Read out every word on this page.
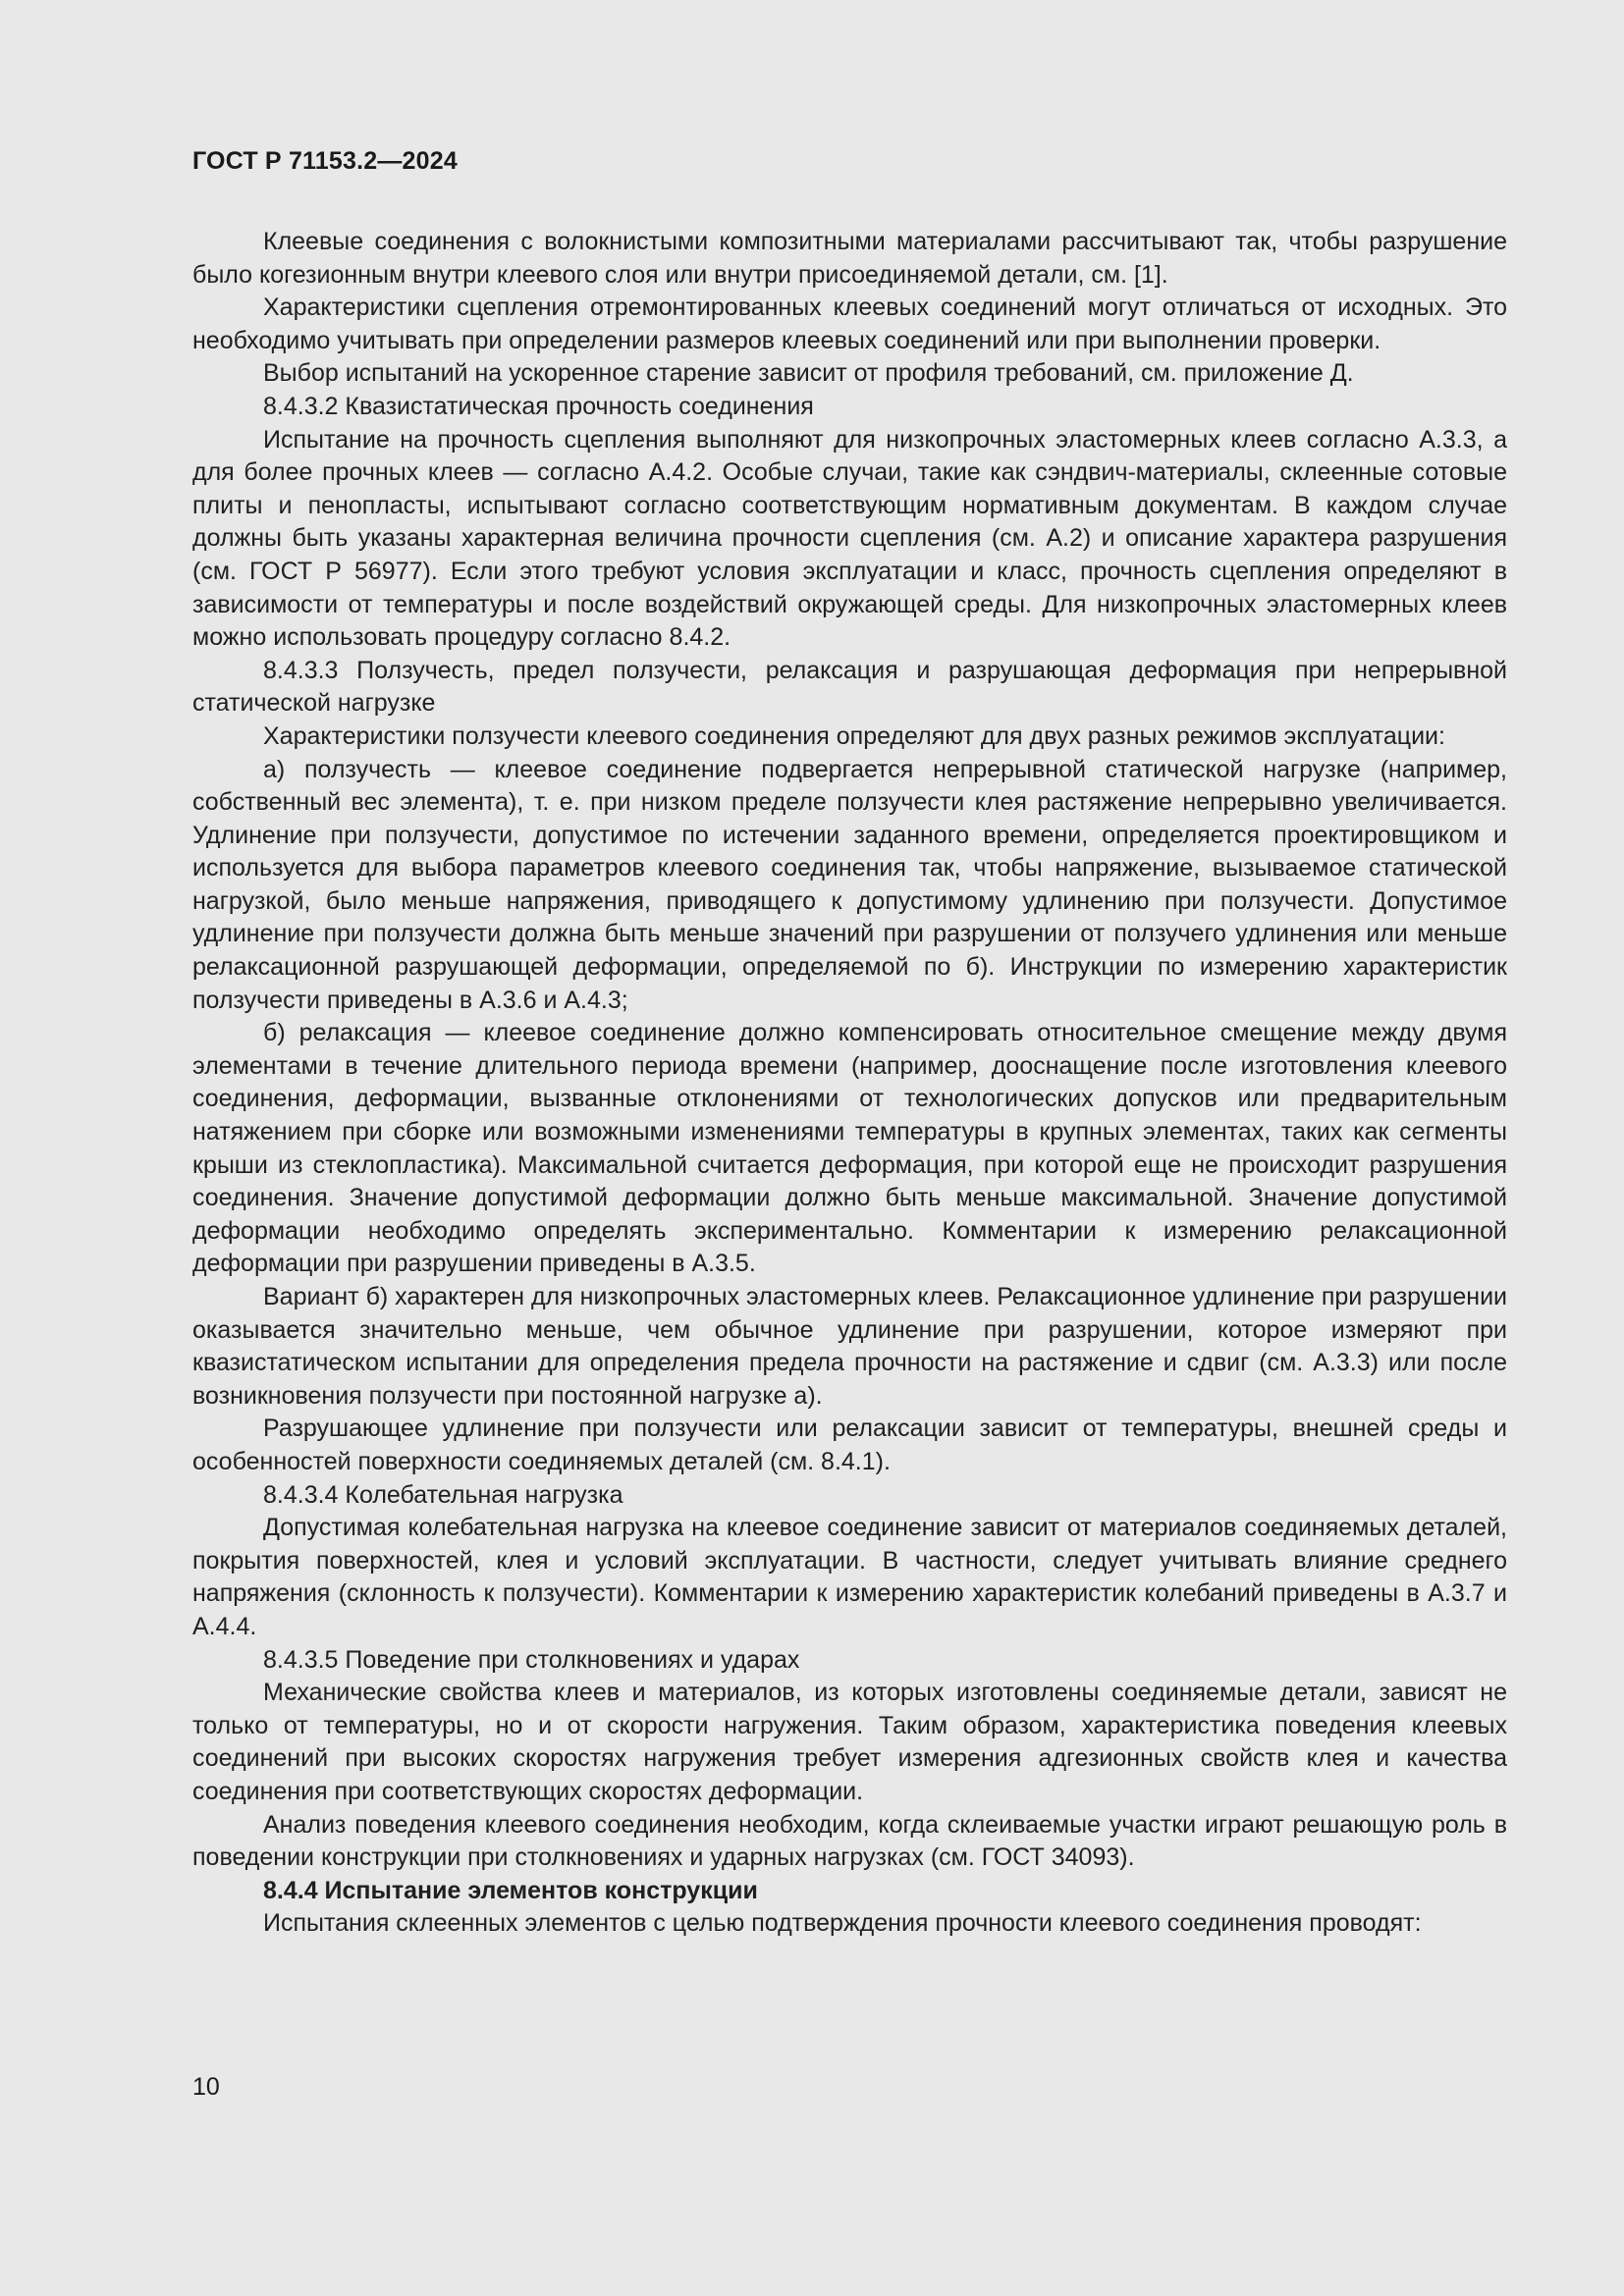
ГОСТ Р 71153.2—2024

Клеевые соединения с волокнистыми композитными материалами рассчитывают так, чтобы разрушение было когезионным внутри клеевого слоя или внутри присоединяемой детали, см. [1].

Характеристики сцепления отремонтированных клеевых соединений могут отличаться от исходных. Это необходимо учитывать при определении размеров клеевых соединений или при выполнении проверки.

Выбор испытаний на ускоренное старение зависит от профиля требований, см. приложение Д.

8.4.3.2 Квазистатическая прочность соединения

Испытание на прочность сцепления выполняют для низкопрочных эластомерных клеев согласно А.3.3, а для более прочных клеев — согласно А.4.2. Особые случаи, такие как сэндвич-материалы, склеенные сотовые плиты и пенопласты, испытывают согласно соответствующим нормативным документам. В каждом случае должны быть указаны характерная величина прочности сцепления (см. А.2) и описание характера разрушения (см. ГОСТ Р 56977). Если этого требуют условия эксплуатации и класс, прочность сцепления определяют в зависимости от температуры и после воздействий окружающей среды. Для низкопрочных эластомерных клеев можно использовать процедуру согласно 8.4.2.

8.4.3.3 Ползучесть, предел ползучести, релаксация и разрушающая деформация при непрерывной статической нагрузке

Характеристики ползучести клеевого соединения определяют для двух разных режимов эксплуатации:

а) ползучесть — клеевое соединение подвергается непрерывной статической нагрузке (например, собственный вес элемента), т. е. при низком пределе ползучести клея растяжение непрерывно увеличивается. Удлинение при ползучести, допустимое по истечении заданного времени, определяется проектировщиком и используется для выбора параметров клеевого соединения так, чтобы напряжение, вызываемое статической нагрузкой, было меньше напряжения, приводящего к допустимому удлинению при ползучести. Допустимое удлинение при ползучести должна быть меньше значений при разрушении от ползучего удлинения или меньше релаксационной разрушающей деформации, определяемой по б). Инструкции по измерению характеристик ползучести приведены в А.3.6 и А.4.3;

б) релаксация — клеевое соединение должно компенсировать относительное смещение между двумя элементами в течение длительного периода времени (например, дооснащение после изготовления клеевого соединения, деформации, вызванные отклонениями от технологических допусков или предварительным натяжением при сборке или возможными изменениями температуры в крупных элементах, таких как сегменты крыши из стеклопластика). Максимальной считается деформация, при которой еще не происходит разрушения соединения. Значение допустимой деформации должно быть меньше максимальной. Значение допустимой деформации необходимо определять экспериментально. Комментарии к измерению релаксационной деформации при разрушении приведены в А.3.5.

Вариант б) характерен для низкопрочных эластомерных клеев. Релаксационное удлинение при разрушении оказывается значительно меньше, чем обычное удлинение при разрушении, которое измеряют при квазистатическом испытании для определения предела прочности на растяжение и сдвиг (см. А.3.3) или после возникновения ползучести при постоянной нагрузке а).

Разрушающее удлинение при ползучести или релаксации зависит от температуры, внешней среды и особенностей поверхности соединяемых деталей (см. 8.4.1).

8.4.3.4 Колебательная нагрузка

Допустимая колебательная нагрузка на клеевое соединение зависит от материалов соединяемых деталей, покрытия поверхностей, клея и условий эксплуатации. В частности, следует учитывать влияние среднего напряжения (склонность к ползучести). Комментарии к измерению характеристик колебаний приведены в А.3.7 и А.4.4.

8.4.3.5 Поведение при столкновениях и ударах

Механические свойства клеев и материалов, из которых изготовлены соединяемые детали, зависят не только от температуры, но и от скорости нагружения. Таким образом, характеристика поведения клеевых соединений при высоких скоростях нагружения требует измерения адгезионных свойств клея и качества соединения при соответствующих скоростях деформации.

Анализ поведения клеевого соединения необходим, когда склеиваемые участки играют решающую роль в поведении конструкции при столкновениях и ударных нагрузках (см. ГОСТ 34093).

8.4.4 Испытание элементов конструкции

Испытания склеенных элементов с целью подтверждения прочности клеевого соединения проводят:

10
